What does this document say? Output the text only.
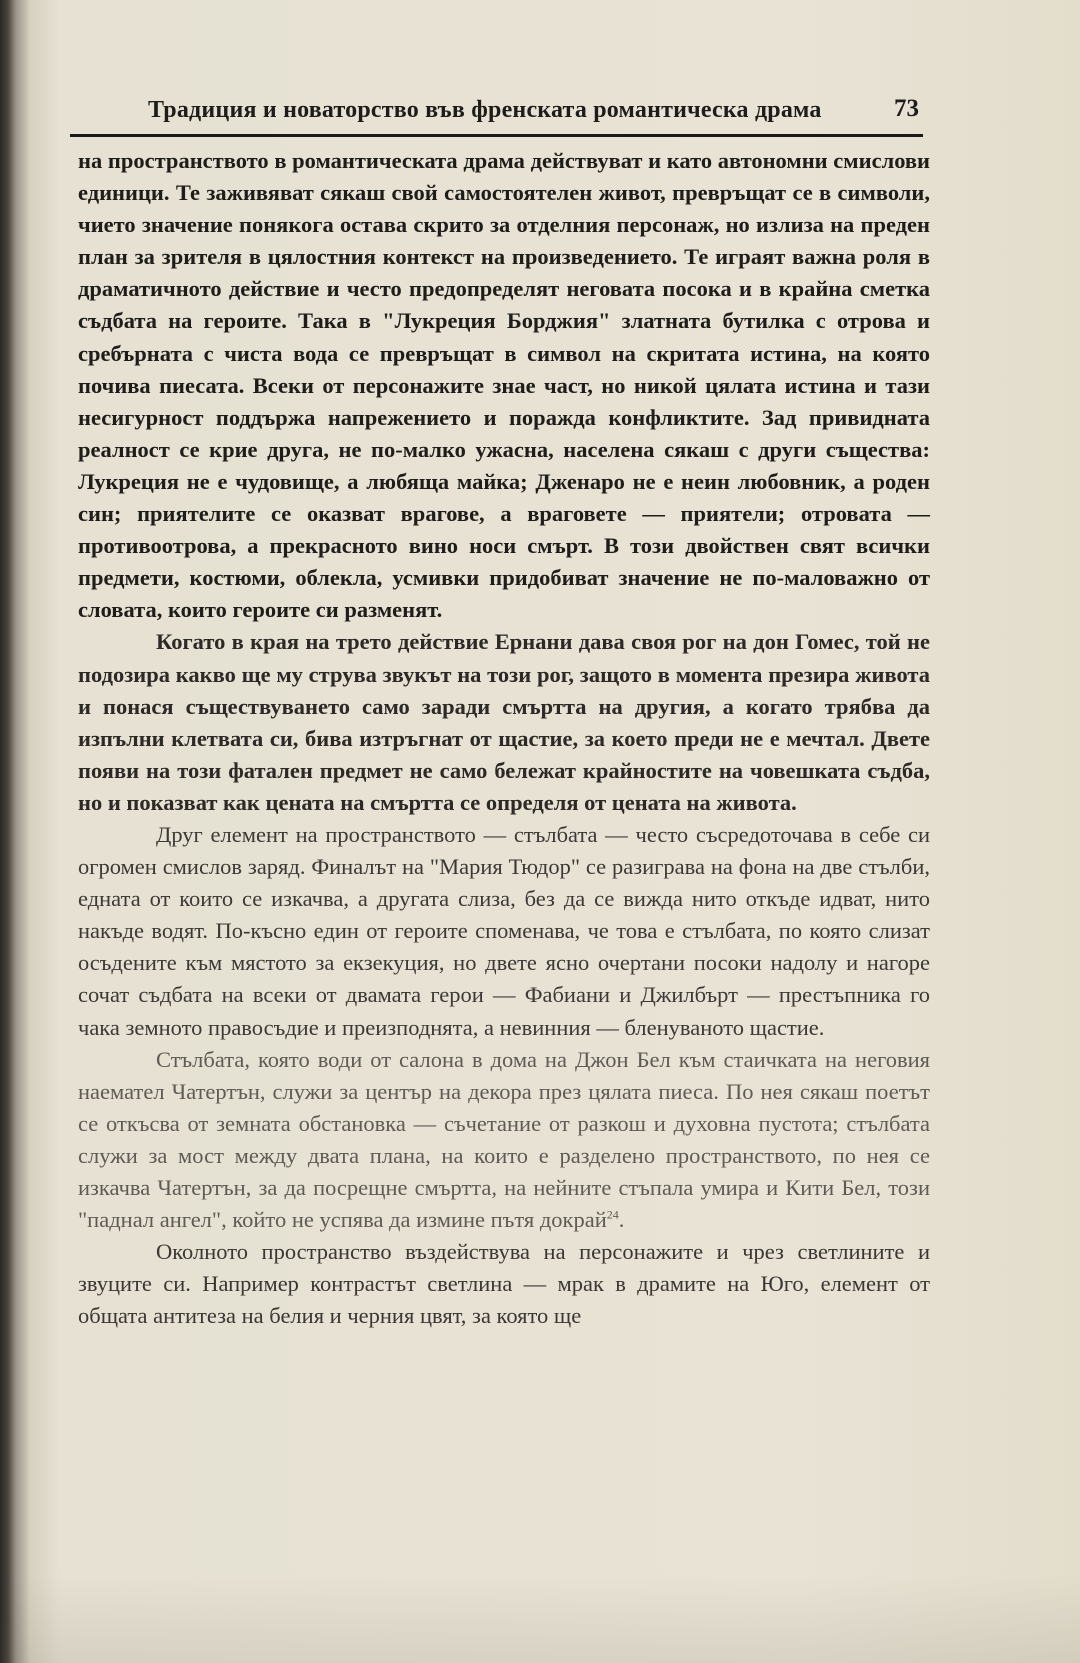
Традиция и новаторство във френската романтическа драма	73

на пространството в романтическата драма действуват и като автономни смислови единици. Те заживяват сякаш свой самостоятелен живот, превръщат се в символи, чието значение понякога остава скрито за отделния персонаж, но излиза на преден план за зрителя в цялостния контекст на произведението. Те играят важна роля в драматичното действие и често предопределят неговата посока и в крайна сметка съдбата на героите. Така в "Лукреция Борджия" златната бутилка с отрова и сребърната с чиста вода се превръщат в символ на скритата истина, на която почива пиесата. Всеки от персонажите знае част, но никой цялата истина и тази несигурност поддържа напрежението и поражда конфликтите. Зад привидната реалност се крие друга, не по-малко ужасна, населена сякаш с други същества: Лукреция не е чудовище, а любяща майка; Дженаро не е неин любовник, а роден син; приятелите се оказват врагове, а враговете — приятели; отровата — противоотрова, а прекрасното вино носи смърт. В този двойствен свят всички предмети, костюми, облекла, усмивки придобиват значение не по-маловажно от словата, които героите си разменят.

Когато в края на трето действие Ернани дава своя рог на дон Гомес, той не подозира какво ще му струва звукът на този рог, защото в момента презира живота и понася съществуването само заради смъртта на другия, а когато трябва да изпълни клетвата си, бива изтръгнат от щастие, за което преди не е мечтал. Двете появи на този фатален предмет не само бележат крайностите на човешката съдба, но и показват как цената на смъртта се определя от цената на живота.

Друг елемент на пространството — стълбата — често съсредоточава в себе си огромен смислов заряд. Финалът на "Мария Тюдор" се разиграва на фона на две стълби, едната от които се изкачва, а другата слиза, без да се вижда нито откъде идват, нито накъде водят. По-късно един от героите споменава, че това е стълбата, по която слизат осъдените към мястото за екзекуция, но двете ясно очертани посоки надолу и нагоре сочат съдбата на всеки от двамата герои — Фабиани и Джилбърт — престъпника го чака земното правосъдие и преизподнята, а невинния — бленуваното щастие.

Стълбата, която води от салона в дома на Джон Бел към стаичката на неговия наемател Чатертън, служи за център на декора през цялата пиеса. По нея сякаш поетът се откъсва от земната обстановка — съчетание от разкош и духовна пустота; стълбата служи за мост между двата плана, на които е разделено пространството, по нея се изкачва Чатертън, за да посрещне смъртта, на нейните стъпала умира и Кити Бел, този "паднал ангел", който не успява да измине пътя докрай$^{24}$.

Околното пространство въздействува на персонажите и чрез светлините и звуците си. Например контрастът светлина — мрак в драмите на Юго, елемент от общата антитеза на белия и черния цвят, за която ще
